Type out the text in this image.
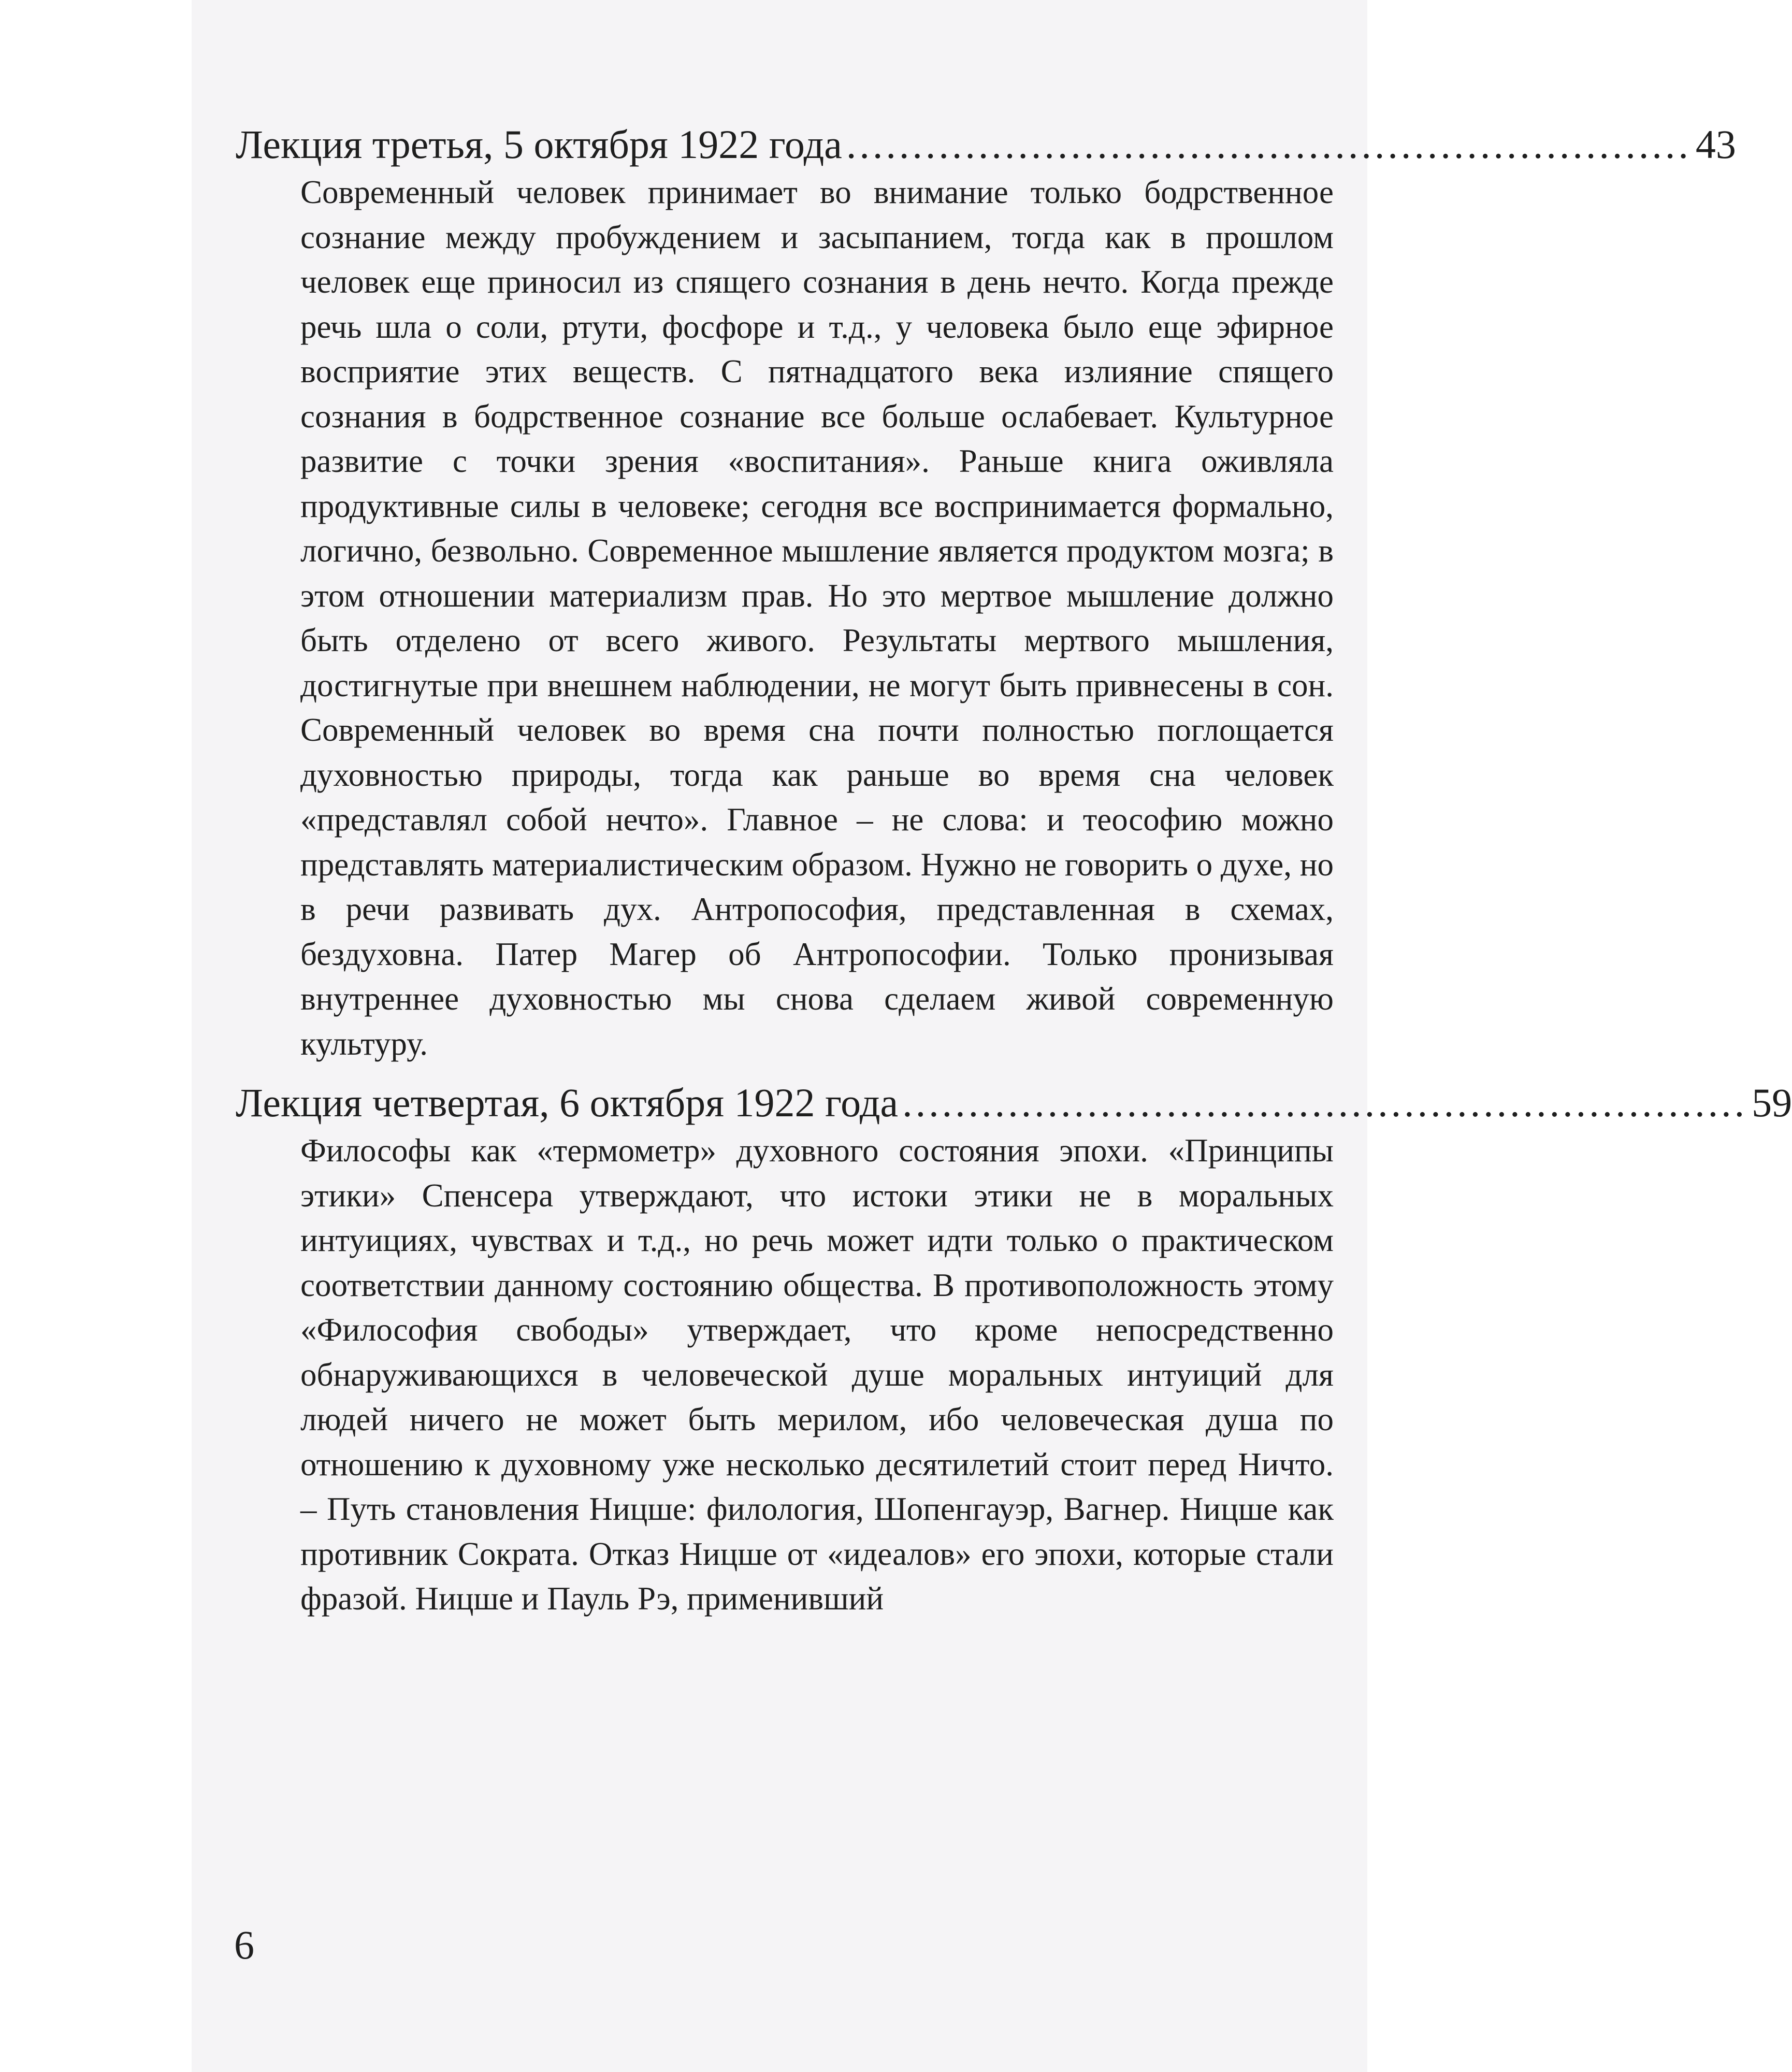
Лекция третья, 5 октября 1922 года ................................................................ 43

Современный человек принимает во внимание только бодрственное сознание между пробуждением и засыпанием, тогда как в прошлом человек еще приносил из спящего сознания в день нечто. Когда прежде речь шла о соли, ртути, фосфоре и т.д., у человека было еще эфирное восприятие этих веществ. С пятнадцатого века излияние спящего сознания в бодрственное сознание все больше ослабевает. Культурное развитие с точки зрения «воспитания». Раньше книга оживляла продуктивные силы в человеке; сегодня все воспринимается формально, логично, безвольно. Современное мышление является продуктом мозга; в этом отношении материализм прав. Но это мертвое мышление должно быть отделено от всего живого. Результаты мертвого мышления, достигнутые при внешнем наблюдении, не могут быть привнесены в сон. Современный человек во время сна почти полностью поглощается духовностью природы, тогда как раньше во время сна человек «представлял собой нечто». Главное – не слова: и теософию можно представлять материалистическим образом. Нужно не говорить о духе, но в речи развивать дух. Антропософия, представленная в схемах, бездуховна. Патер Магер об Антропософии. Только пронизывая внутреннее духовностью мы снова сделаем живой современную культуру.

Лекция четвертая, 6 октября 1922 года ................................................................ 59

Философы как «термометр» духовного состояния эпохи. «Принципы этики» Спенсера утверждают, что истоки этики не в моральных интуициях, чувствах и т.д., но речь может идти только о практическом соответствии данному состоянию общества. В противоположность этому «Философия свободы» утверждает, что кроме непосредственно обнаруживающихся в человеческой душе моральных интуиций для людей ничего не может быть мерилом, ибо человеческая душа по отношению к духовному уже несколько десятилетий стоит перед Ничто. – Путь становления Ницше: филология, Шопенгауэр, Вагнер. Ницше как противник Сократа. Отказ Ницше от «идеалов» его эпохи, которые стали фразой. Ницше и Пауль Рэ, применивший

6
